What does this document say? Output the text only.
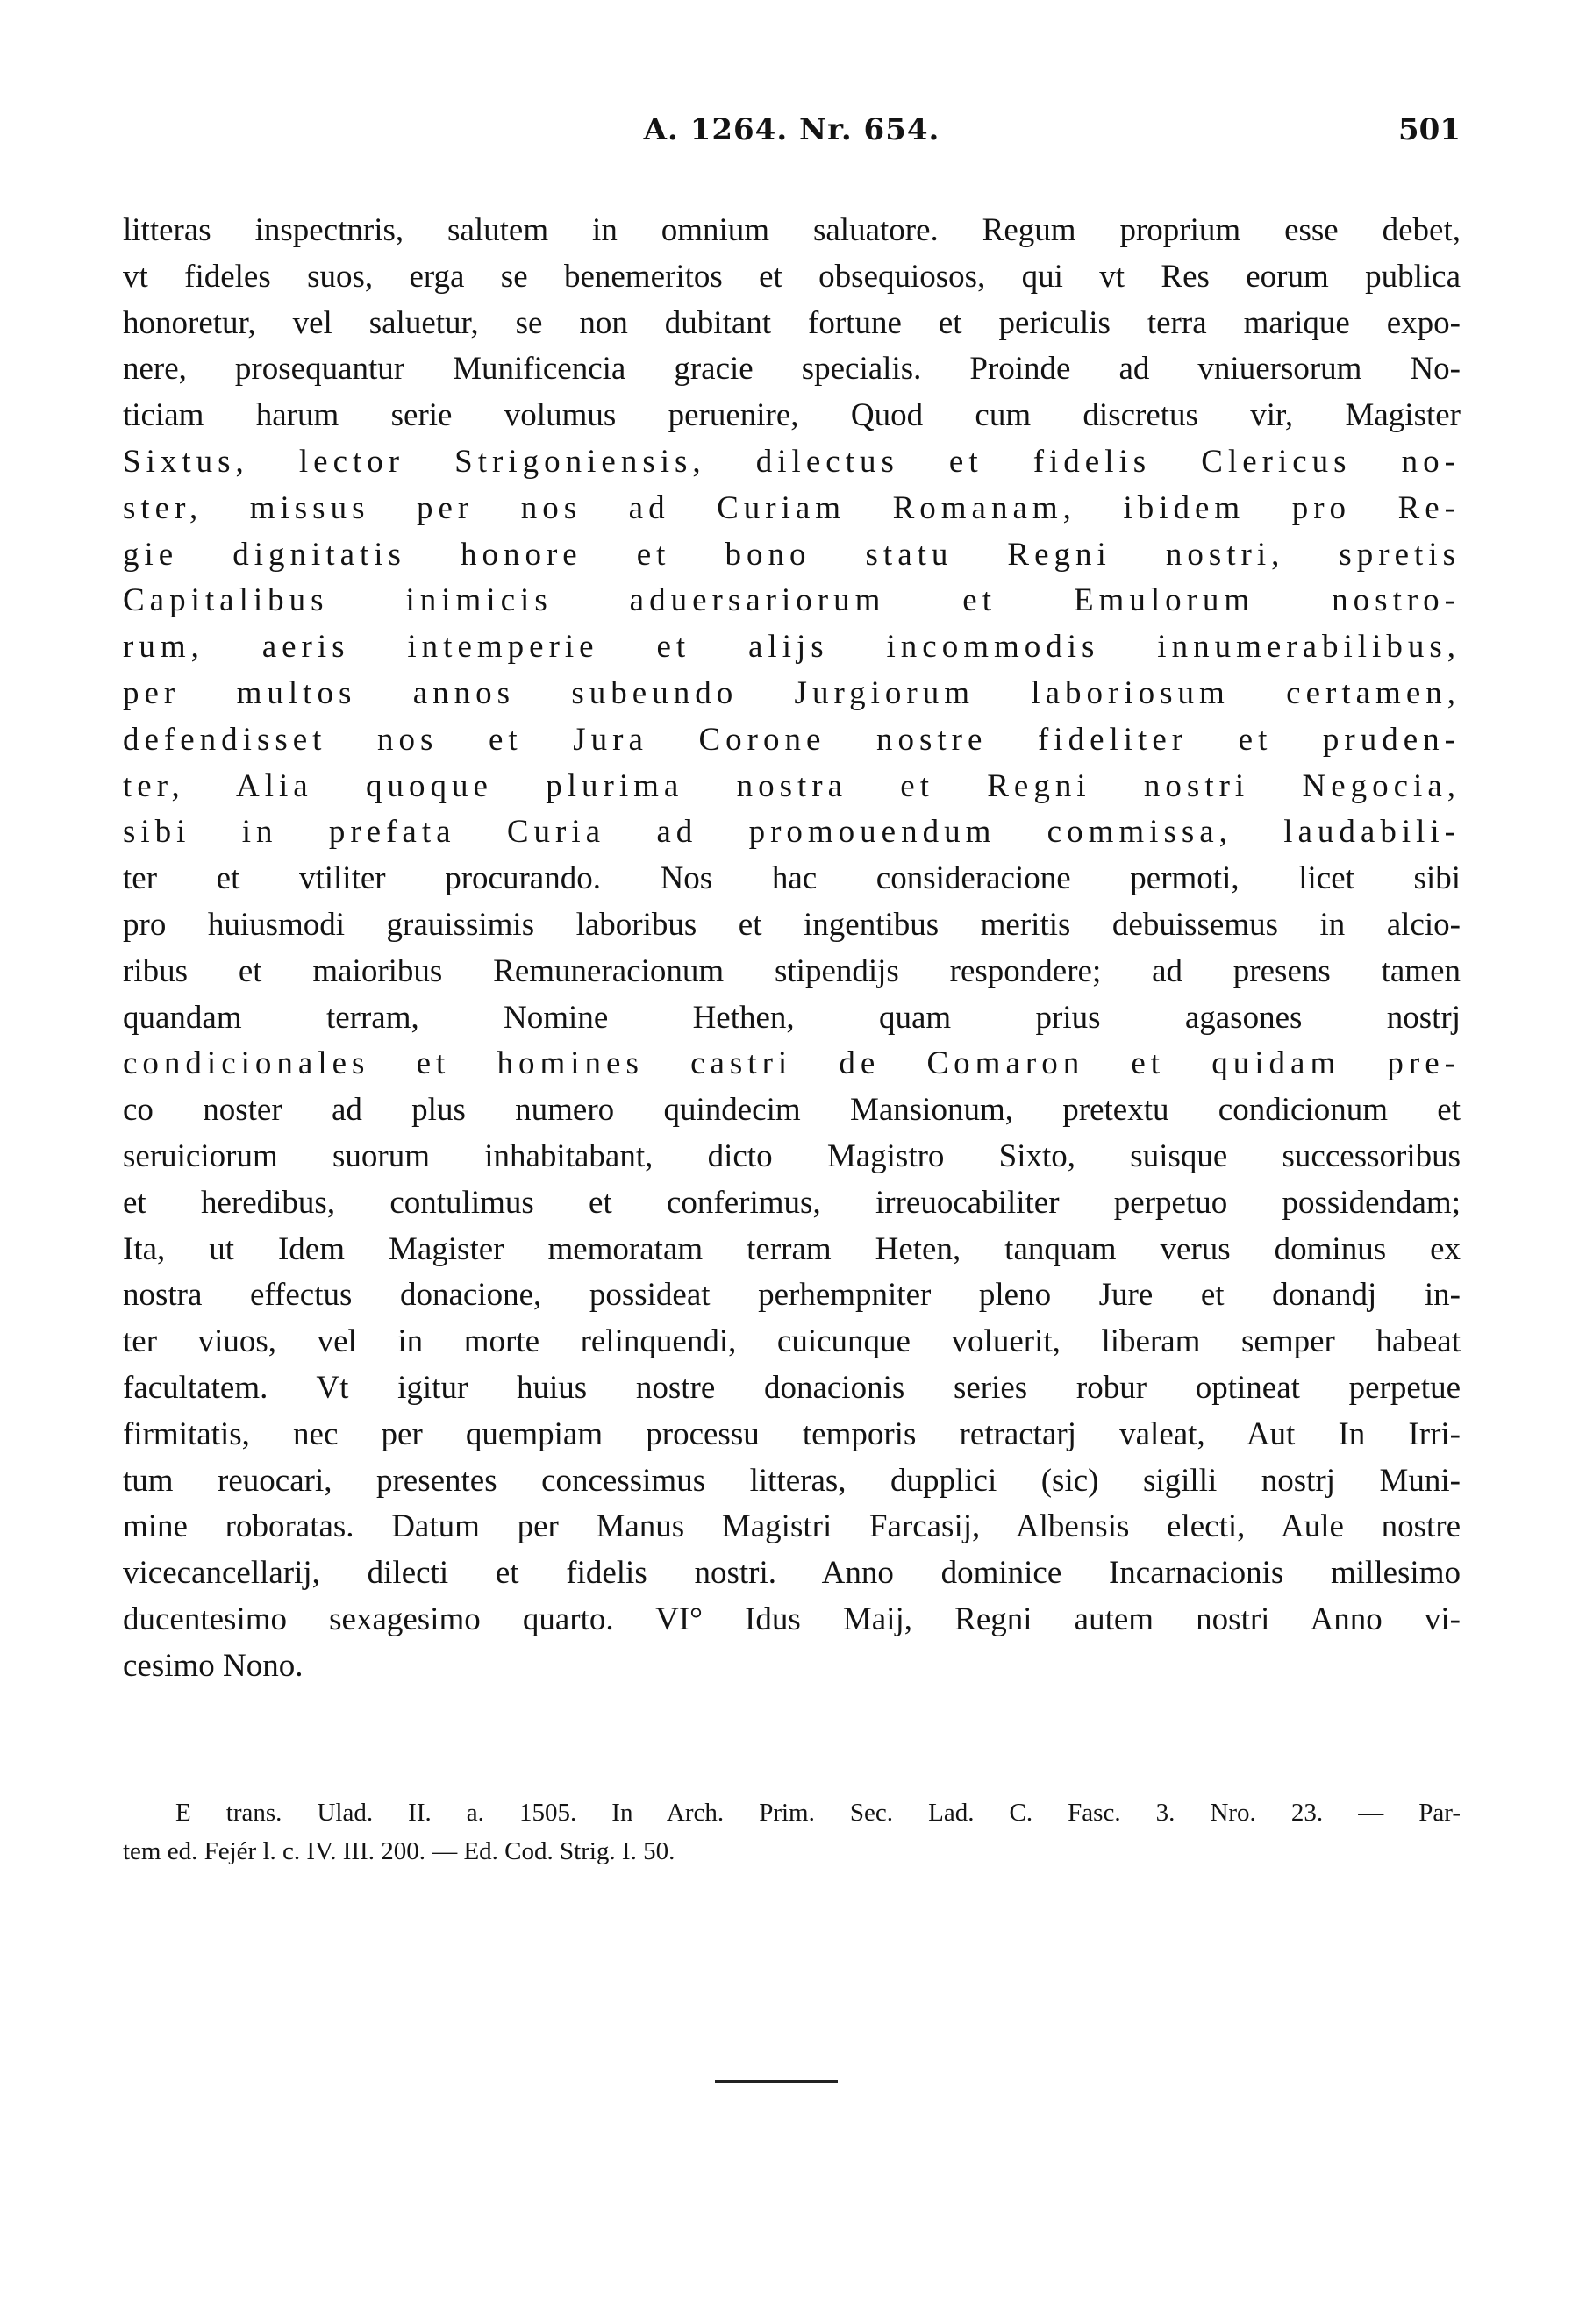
A. 1264. Nr. 654.	501
litteras inspectnris, salutem in omnium saluatore. Regum proprium esse debet,
vt fideles suos, erga se benemeritos et obsequiosos, qui vt Res eorum publica
honoretur, vel saluetur, se non dubitant fortune et periculis terra marique expo-
nere, prosequantur Munificencia gracie specialis. Proinde ad vniuersorum No-
ticiam harum serie volumus peruenire, Quod cum discretus vir, Magister
Sixtus, lector Strigoniensis, dilectus et fidelis Clericus no-
ster, missus per nos ad Curiam Romanam, ibidem pro Re-
gie dignitatis honore et bono statu Regni nostri, spretis
Capitalibus inimicis aduersariorum et Emulorum nostro-
rum, aeris intemperie et alijs incommodis innumerabilibus,
per multos annos subeundo Jurgiorum laboriosum certamen,
defendisset nos et Jura Corone nostre fideliter et pruden-
ter, Alia quoque plurima nostra et Regni nostri Negocia,
sibi in prefata Curia ad promouendum commissa, laudabili-
ter et vtiliter procurando. Nos hac consideracione permoti, licet sibi
pro huiusmodi grauissimis laboribus et ingentibus meritis debuissemus in alcio-
ribus et maioribus Remuneracionum stipendijs respondere; ad presens tamen
quandam terram, Nomine Hethen, quam prius agasones nostrj
condicionales et homines castri de Comaron et quidam pre-
co noster ad plus numero quindecim Mansionum, pretextu condicionum et
seruiciorum suorum inhabitabant, dicto Magistro Sixto, suisque successoribus
et heredibus, contulimus et conferimus, irreuocabiliter perpetuo possidendam;
Ita, ut Idem Magister memoratam terram Heten, tanquam verus dominus ex
nostra effectus donacione, possideat perhempniter pleno Jure et donandj in-
ter viuos, vel in morte relinquendi, cuicunque voluerit, liberam semper habeat
facultatem. Vt igitur huius nostre donacionis series robur optineat perpetue
firmitatis, nec per quempiam processu temporis retractarj valeat, Aut In Irri-
tum reuocari, presentes concessimus litteras, dupplici (sic) sigilli nostrj Muni-
mine roboratas. Datum per Manus Magistri Farcasij, Albensis electi, Aule nostre
vicecancellarij, dilecti et fidelis nostri. Anno dominice Incarnacionis millesimo
ducentesimo sexagesimo quarto. VI° Idus Maij, Regni autem nostri Anno vi-
cesimo Nono.
E trans. Ulad. II. a. 1505. In Arch. Prim. Sec. Lad. C. Fasc. 3. Nro. 23. — Par-
tem ed. Fejér l. c. IV. III. 200. — Ed. Cod. Strig. I. 50.
